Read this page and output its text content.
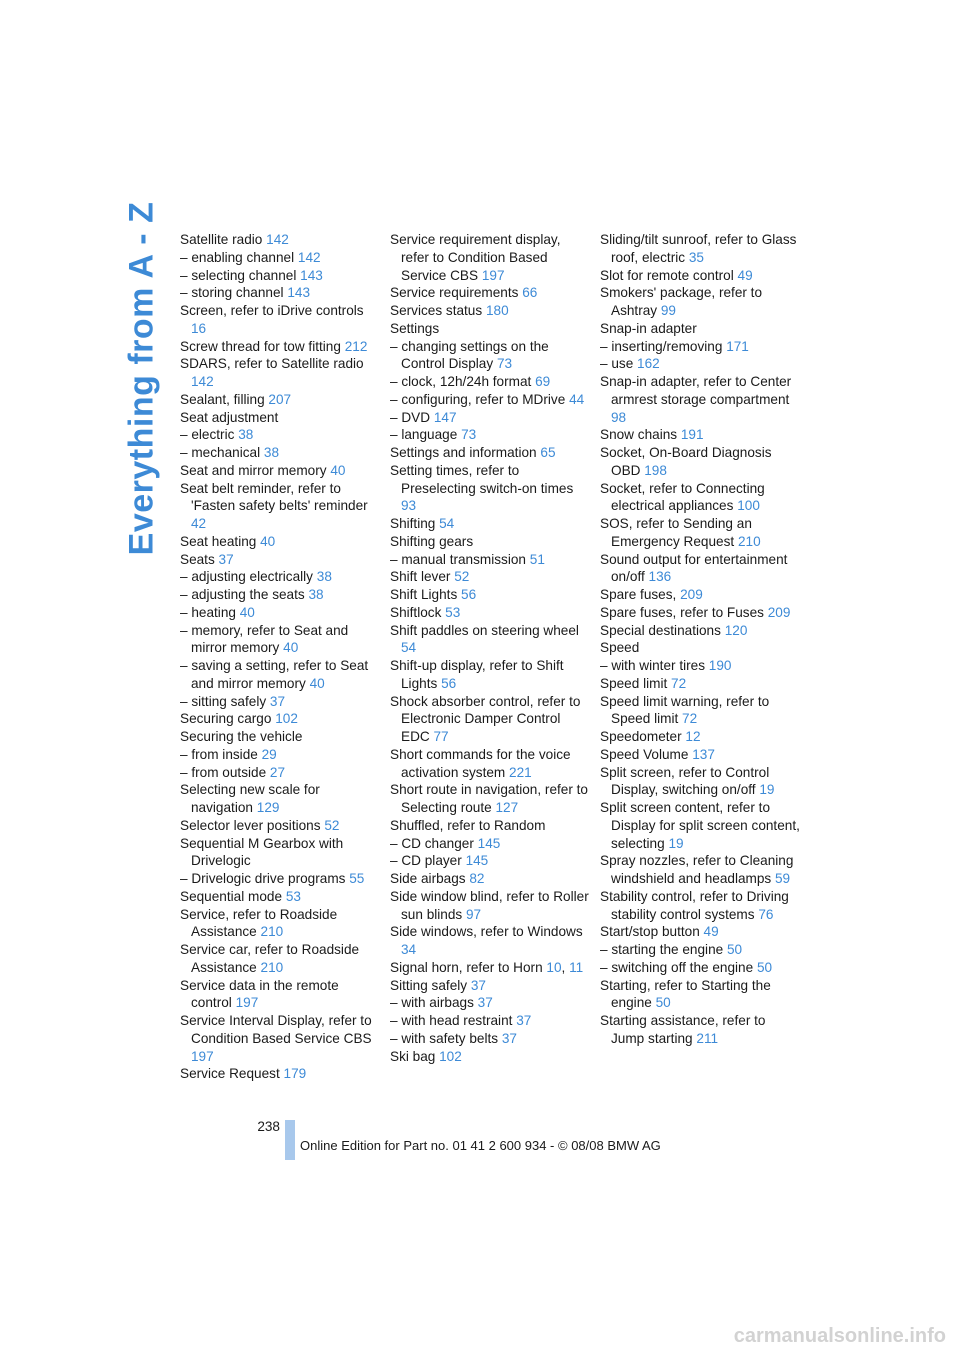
Everything from A - Z Satellite radio 142
– enabling channel 142
– selecting channel 143
– storing channel 143
Screen, refer to iDrive controls 16
Screw thread for tow fitting 212
SDARS, refer to Satellite radio 142
Sealant, filling 207
Seat adjustment
– electric 38
– mechanical 38
Seat and mirror memory 40
Seat belt reminder, refer to 'Fasten safety belts' reminder 42
Seat heating 40
Seats 37
– adjusting electrically 38
– adjusting the seats 38
– heating 40
– memory, refer to Seat and mirror memory 40
– saving a setting, refer to Seat and mirror memory 40
– sitting safely 37
Securing cargo 102
Securing the vehicle
– from inside 29
– from outside 27
Selecting new scale for navigation 129
Selector lever positions 52
Sequential M Gearbox with Drivelogic
– Drivelogic drive programs 55
Sequential mode 53
Service, refer to Roadside Assistance 210
Service car, refer to Roadside Assistance 210
Service data in the remote control 197
Service Interval Display, refer to Condition Based Service CBS 197
Service Request 179
Service requirement display, refer to Condition Based Service CBS 197
Service requirements 66
Services status 180
Settings
– changing settings on the Control Display 73
– clock, 12h/24h format 69
– configuring, refer to MDrive 44
– DVD 147
– language 73
Settings and information 65
Setting times, refer to Preselecting switch-on times 93
Shifting 54
Shifting gears
– manual transmission 51
Shift lever 52
Shift Lights 56
Shiftlock 53
Shift paddles on steering wheel 54
Shift-up display, refer to Shift Lights 56
Shock absorber control, refer to Electronic Damper Control EDC 77
Short commands for the voice activation system 221
Short route in navigation, refer to Selecting route 127
Shuffled, refer to Random
– CD changer 145
– CD player 145
Side airbags 82
Side window blind, refer to Roller sun blinds 97
Side windows, refer to Windows 34
Signal horn, refer to Horn 10, 11
Sitting safely 37
– with airbags 37
– with head restraint 37
– with safety belts 37
Ski bag 102
Sliding/tilt sunroof, refer to Glass roof, electric 35
Slot for remote control 49
Smokers' package, refer to Ashtray 99
Snap-in adapter
– inserting/removing 171
– use 162
Snap-in adapter, refer to Center armrest storage compartment 98
Snow chains 191
Socket, On-Board Diagnosis OBD 198
Socket, refer to Connecting electrical appliances 100
SOS, refer to Sending an Emergency Request 210
Sound output for entertainment on/off 136
Spare fuses, 209
Spare fuses, refer to Fuses 209
Special destinations 120
Speed
– with winter tires 190
Speed limit 72
Speed limit warning, refer to Speed limit 72
Speedometer 12
Speed Volume 137
Split screen, refer to Control Display, switching on/off 19
Split screen content, refer to Display for split screen content, selecting 19
Spray nozzles, refer to Cleaning windshield and headlamps 59
Stability control, refer to Driving stability control systems 76
Start/stop button 49
– starting the engine 50
– switching off the engine 50
Starting, refer to Starting the engine 50
Starting assistance, refer to Jump starting 211
238
Online Edition for Part no. 01 41 2 600 934 - © 08/08 BMW AG
carmanualsonline.info
